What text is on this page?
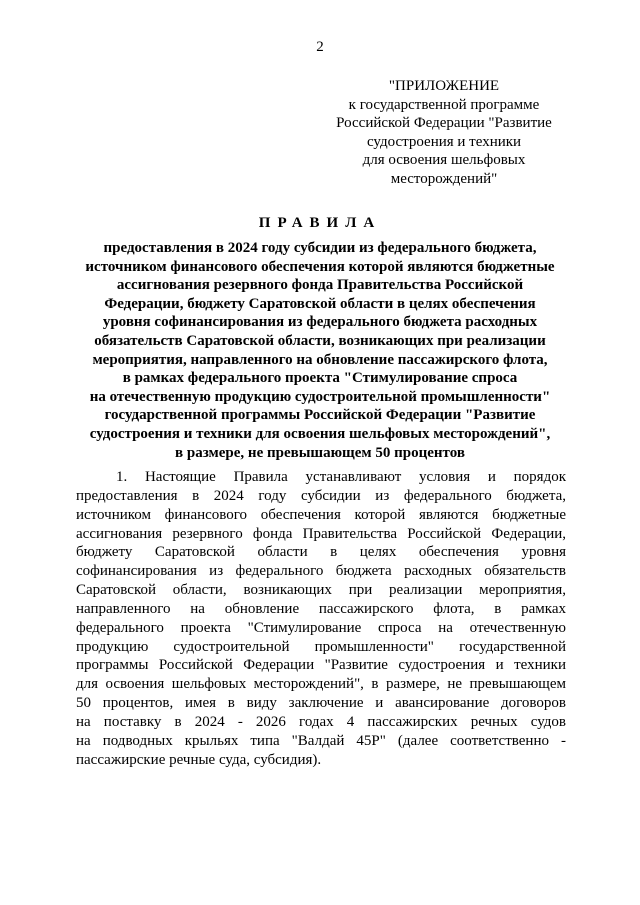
2
"ПРИЛОЖЕНИЕ
к государственной программе
Российской Федерации "Развитие
судостроения и техники
для освоения шельфовых
месторождений"
ПРАВИЛА
предоставления в 2024 году субсидии из федерального бюджета,
источником финансового обеспечения которой являются бюджетные
ассигнования резервного фонда Правительства Российской
Федерации, бюджету Саратовской области в целях обеспечения
уровня софинансирования из федерального бюджета расходных
обязательств Саратовской области, возникающих при реализации
мероприятия, направленного на обновление пассажирского флота,
в рамках федерального проекта "Стимулирование спроса
на отечественную продукцию судостроительной промышленности"
государственной программы Российской Федерации "Развитие
судостроения и техники для освоения шельфовых месторождений",
в размере, не превышающем 50 процентов
1. Настоящие Правила устанавливают условия и порядок
предоставления в 2024 году субсидии из федерального бюджета,
источником финансового обеспечения которой являются бюджетные
ассигнования резервного фонда Правительства Российской Федерации,
бюджету Саратовской области в целях обеспечения уровня
софинансирования из федерального бюджета расходных обязательств
Саратовской области, возникающих при реализации мероприятия,
направленного на обновление пассажирского флота, в рамках
федерального проекта "Стимулирование спроса на отечественную
продукцию судостроительной промышленности" государственной
программы Российской Федерации "Развитие судостроения и техники
для освоения шельфовых месторождений", в размере, не превышающем
50 процентов, имея в виду заключение и авансирование договоров
на поставку в 2024 - 2026 годах 4 пассажирских речных судов
на подводных крыльях типа "Валдай 45Р" (далее соответственно -
пассажирские речные суда, субсидия).
